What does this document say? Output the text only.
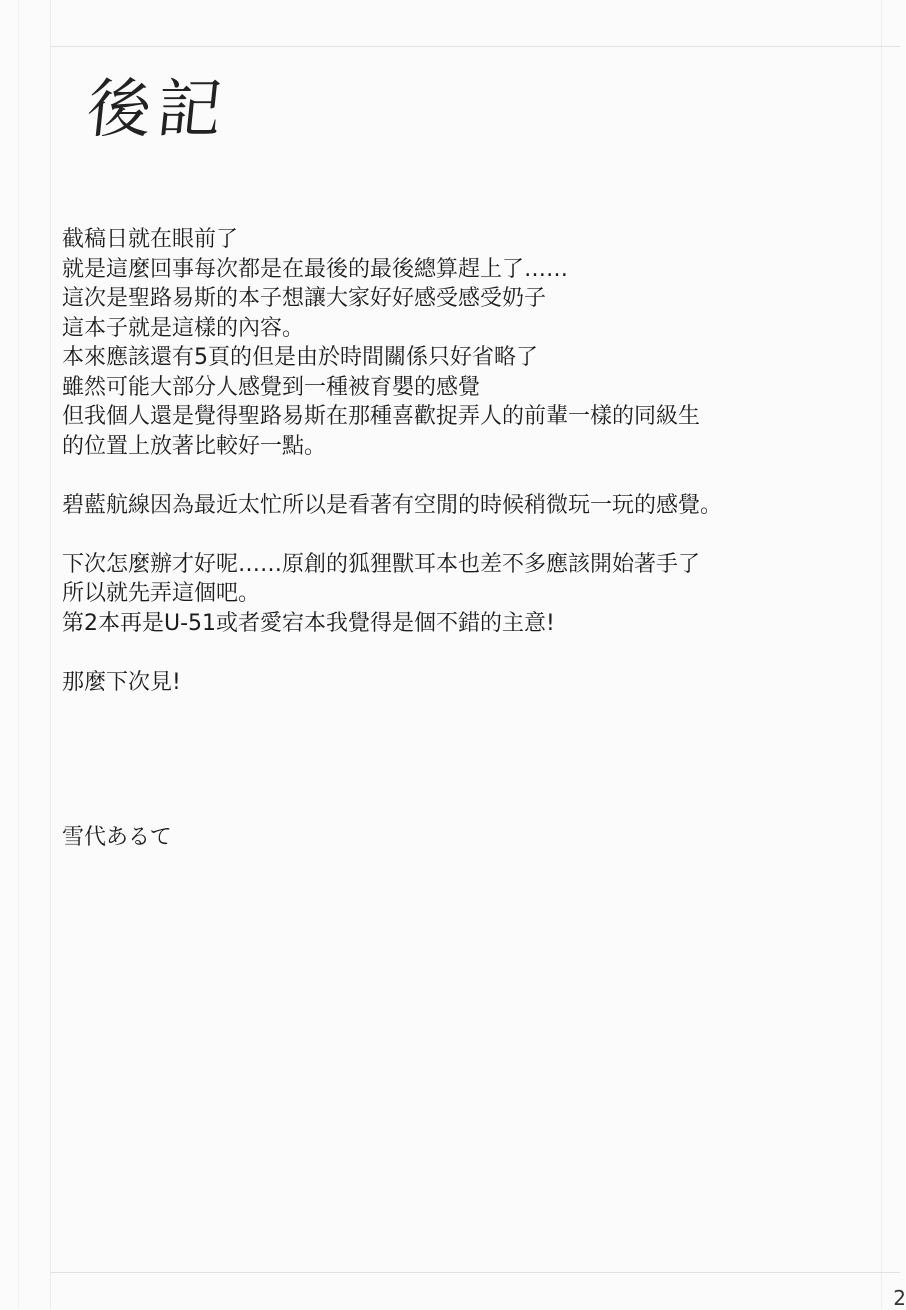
後記
截稿日就在眼前了
就是這麼回事每次都是在最後的最後總算趕上了……
這次是聖路易斯的本子想讓大家好好感受感受奶子
這本子就是這樣的內容。
本來應該還有5頁的但是由於時間關係只好省略了
雖然可能大部分人感覺到一種被育嬰的感覺
但我個人還是覺得聖路易斯在那種喜歡捉弄人的前輩一樣的同級生
的位置上放著比較好一點。
碧藍航線因為最近太忙所以是看著有空閒的時候稍微玩一玩的感覺。
下次怎麼辦才好呢……原創的狐狸獸耳本也差不多應該開始著手了
所以就先弄這個吧。
第2本再是U-51或者愛宕本我覺得是個不錯的主意!
那麼下次見!
雪代あるて
2
